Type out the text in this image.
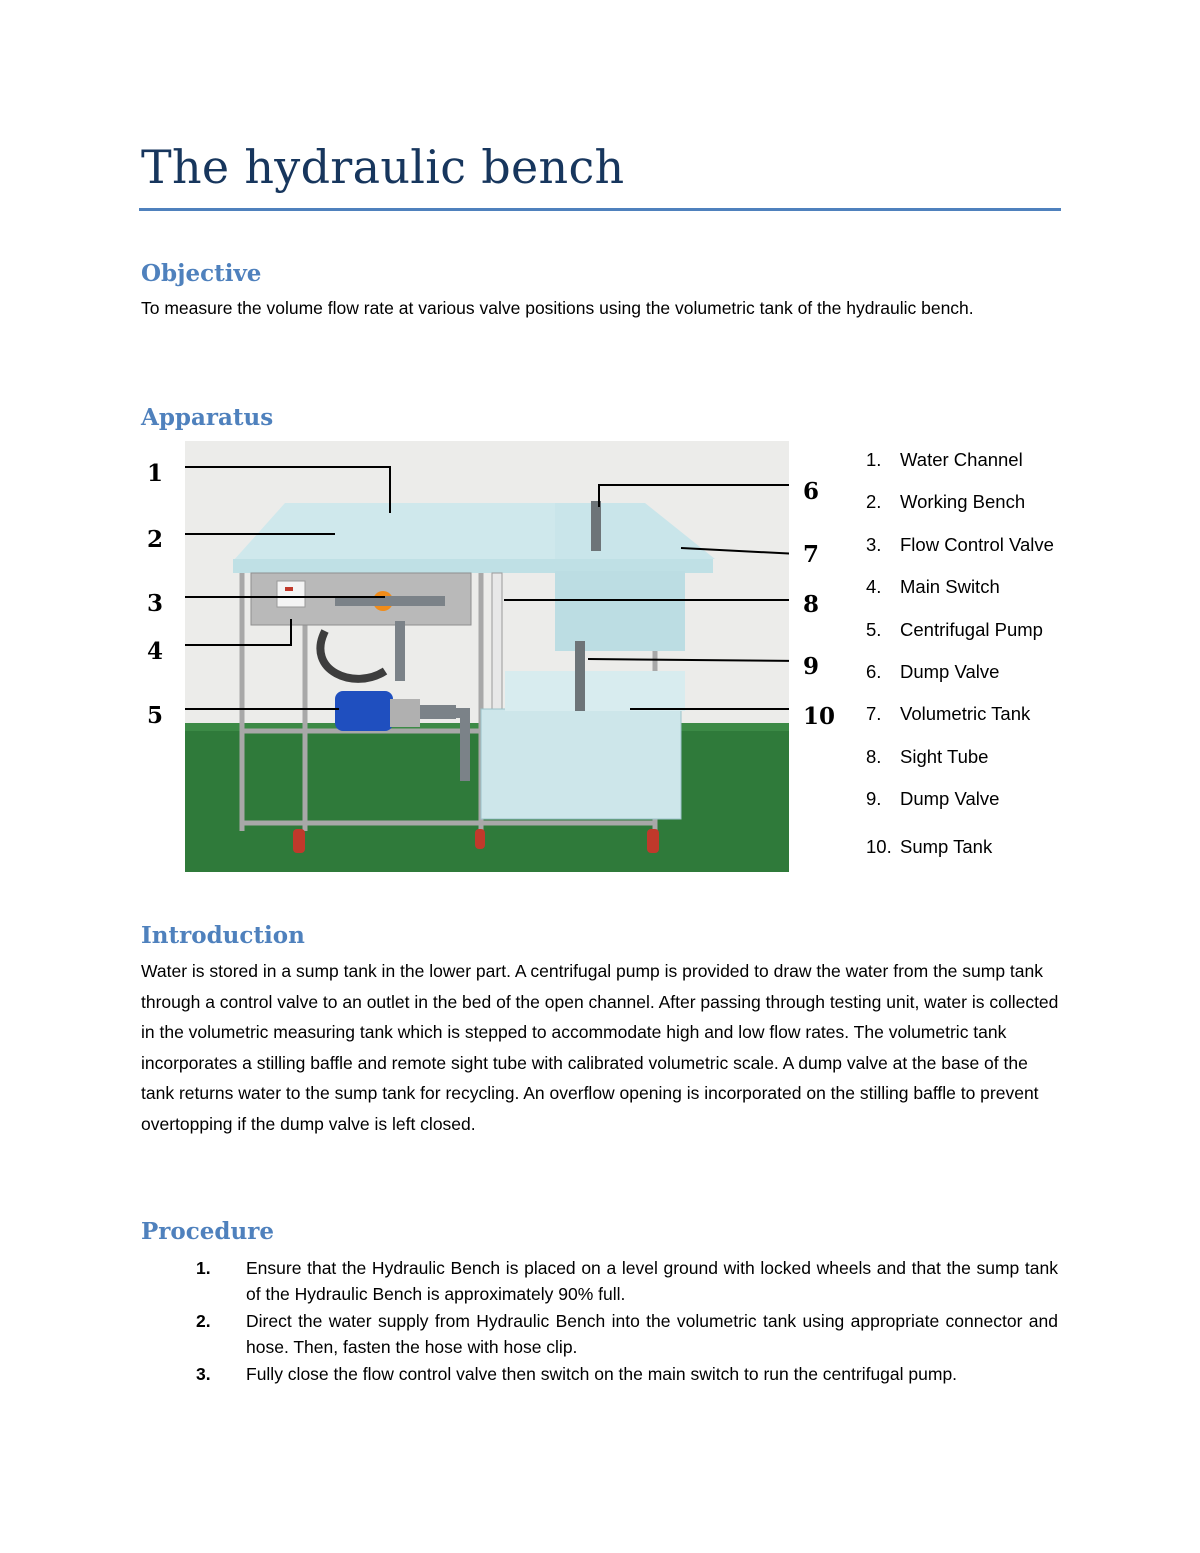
The hydraulic bench
Objective

To measure the volume flow rate at various valve positions using the volumetric tank of the hydraulic bench.

Apparatus
1
2
3
4
5
6
7
8
9
10
1. Water Channel
2. Working Bench
3. Flow Control Valve
4. Main Switch
5. Centrifugal Pump
6. Dump Valve
7. Volumetric Tank
8. Sight Tube
9. Dump Valve
10. Sump Tank
Introduction

Water is stored in a sump tank in the lower part. A centrifugal pump is provided to draw the water from the sump tank through a control valve to an outlet in the bed of the open channel. After passing through testing unit, water is collected in the volumetric measuring tank which is stepped to accommodate high and low flow rates. The volumetric tank incorporates a stilling baffle and remote sight tube with calibrated volumetric scale. A dump valve at the base of the tank returns water to the sump tank for recycling. An overflow opening is incorporated on the stilling baffle to prevent overtopping if the dump valve is left closed.

Procedure
1. Ensure that the Hydraulic Bench is placed on a level ground with locked wheels and that the sump tank of the Hydraulic Bench is approximately 90% full.
2. Direct the water supply from Hydraulic Bench into the volumetric tank using appropriate connector and hose. Then, fasten the hose with hose clip.
3. Fully close the flow control valve then switch on the main switch to run the centrifugal pump.
